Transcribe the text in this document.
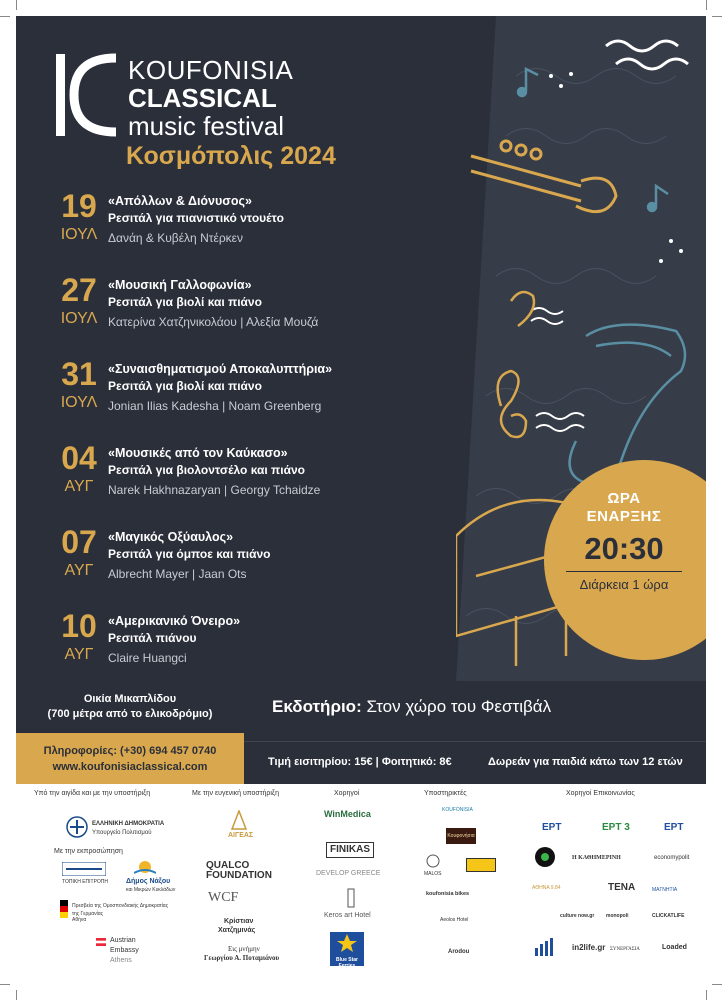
KOUFONISIA
CLASSICAL
music festival
Κοσμόπολις 2024
19
ΙΟΥΛ
«Απόλλων & Διόνυσος»
Ρεσιτάλ για πιανιστικό ντουέτο
Δανάη & Κυβέλη Ντέρκεν
27
ΙΟΥΛ
«Μουσική Γαλλοφωνία»
Ρεσιτάλ για βιολί και πιάνο
Κατερίνα Χατζηνικολάου | Αλεξία Μουζά
31
ΙΟΥΛ
«Συναισθηματισμού Αποκαλυπτήρια»
Ρεσιτάλ για βιολί και πιάνο
Jonian Ilias Kadesha | Noam Greenberg
04
ΑΥΓ
«Μουσικές από τον Καύκασο»
Ρεσιτάλ για βιολοντσέλο και πιάνο
Narek Hakhnazaryan | Georgy Tchaidze
07
ΑΥΓ
«Μαγικός Οξύαυλος»
Ρεσιτάλ για όμποε και πιάνο
Albrecht Mayer | Jaan Ots
10
ΑΥΓ
«Αμερικανικό Όνειρο»
Ρεσιτάλ πιάνου
Claire Huangci
ΩΡΑ
ΕΝΑΡΞΗΣ
20:30
Διάρκεια 1 ώρα
Οικία Μικαπλίδου
(700 μέτρα από το ελικοδρόμιο)
Πληροφορίες: (+30) 694 457 0740
www.koufonisiaclassical.com
Εκδοτήριο: Στον χώρο του Φεστιβάλ
Τιμή εισιτηρίου: 15€ | Φοιτητικό: 8€	Δωρεάν για παιδιά κάτω των 12 ετών
Υπό την αιγίδα και με την υποστήριξη
ΕΛΛΗΝΙΚΗ ΔΗΜΟΚΡΑΤΙΑ
Υπουργείο Πολιτισμού
Με την εκπροσώπηση
ΤΟΠΙΚΗ ΕΠΙΤΡΟΠΗ	Δήμος Νάξου
και Μικρών Κυκλάδων
Πρεσβεία της Ομοσπονδιακής Δημοκρατίας της Γερμανίας
Αθήνα
Austrian
Embassy
Athens
Με την ευγενική υποστήριξη
ΑΙΓΕΑΣ
QUALCO
FOUNDATION
WCF
Κρίστιαν
Χατζημινάς
Εις μνήμην
Γεωργίου Α. Ποταμιάνου
Χορηγοί
WinMedica
FINIKAS
DEVELOP GREECE
Keros art Hotel
Blue Star
Ferries
Υποστηρικτές
KOUFONISIA
Κουφονήσια
MALOS
koufonisia bikes
Aeolos Hotel
Arodou
Χορηγοί Επικοινωνίας
ΕΡΤ	ΕΡΤ 3	ΕΡΤ
Η ΚΑΘΗΜΕΡΙΝΗ	economypolit
ΑΘΗΝΑ 9.84	ΤΕΝΑ	ΜΑΓΝΗΤΙΑ
culture now.gr monopoli	CLICKATLIFE
in2life.gr ΣΥΝΕΡΓΑΣΙΑ	Loaded
